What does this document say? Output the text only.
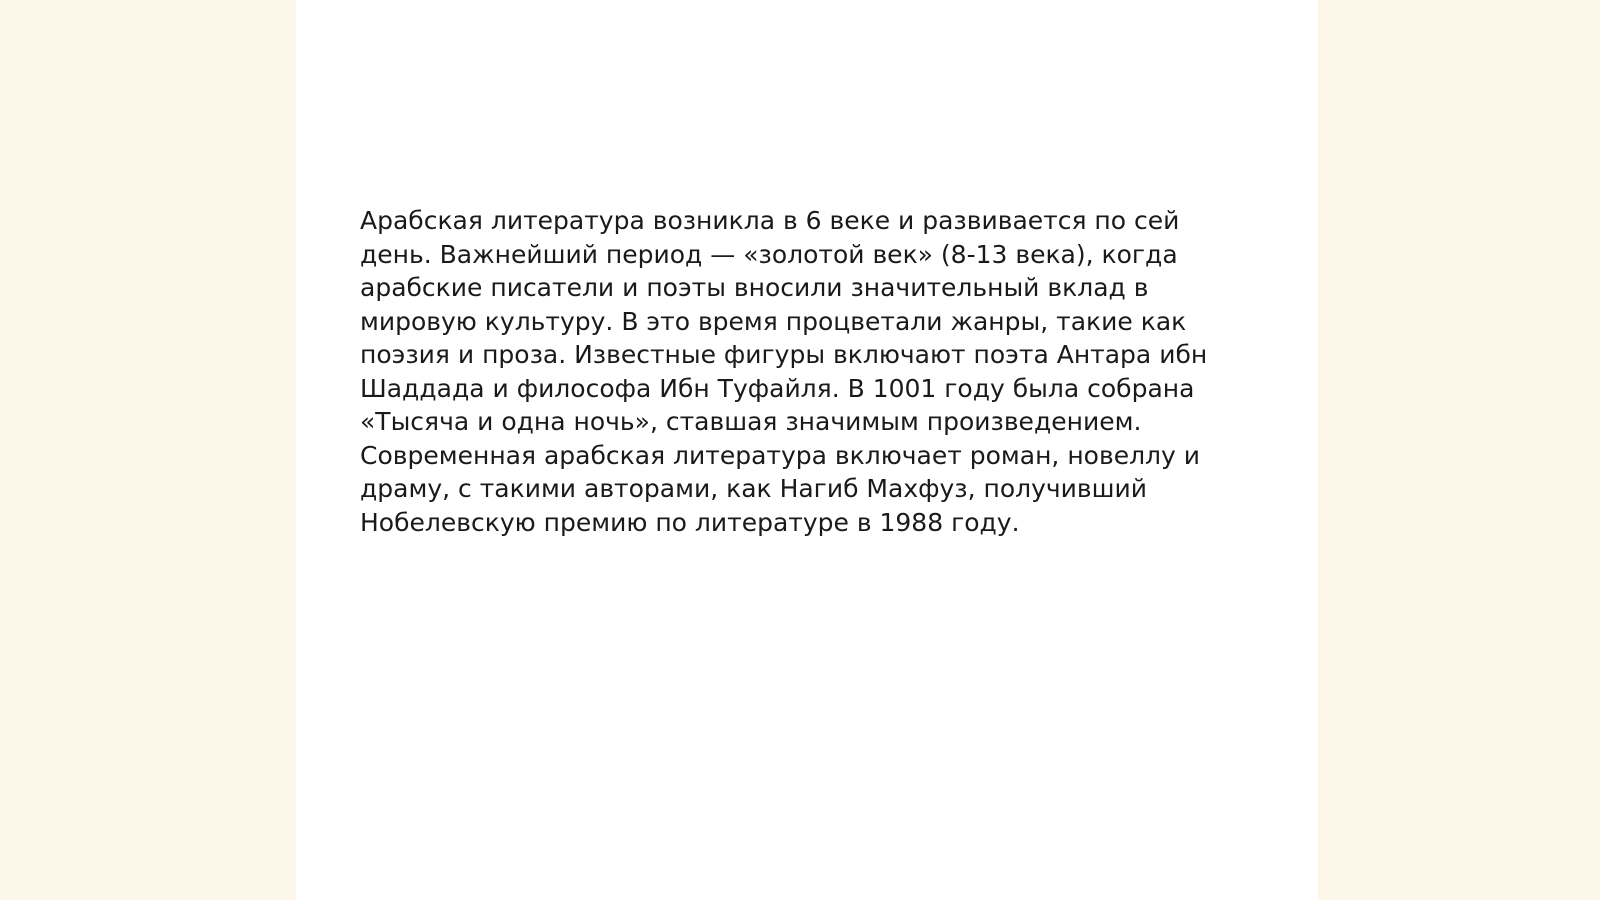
Арабская литература возникла в 6 веке и развивается по сей
день. Важнейший период — «золотой век» (8-13 века), когда
арабские писатели и поэты вносили значительный вклад в
мировую культуру. В это время процветали жанры, такие как
поэзия и проза. Известные фигуры включают поэта Антара ибн
Шаддада и философа Ибн Туфайля. В 1001 году была собрана
«Тысяча и одна ночь», ставшая значимым произведением.
Современная арабская литература включает роман, новеллу и
драму, с такими авторами, как Нагиб Махфуз, получивший
Нобелевскую премию по литературе в 1988 году.
